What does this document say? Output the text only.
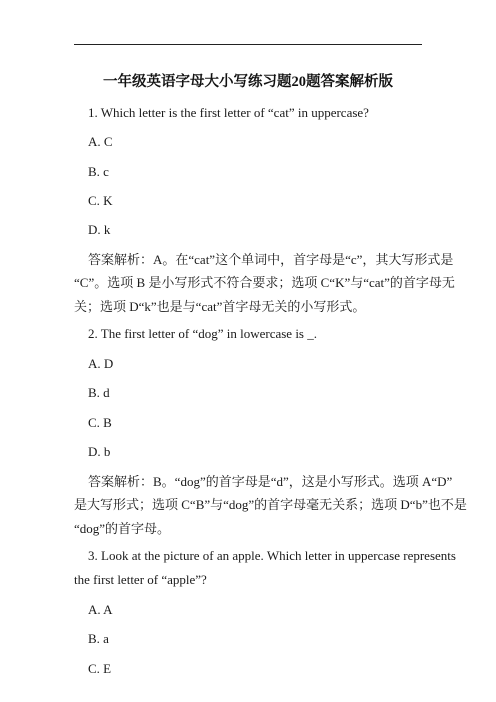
一年级英语字母大小写练习题20题答案解析版
1. Which letter is the first letter of “cat” in uppercase?
A. C
B. c
C. K
D. k
答案解析：A。在“cat”这个单词中，首字母是“c”，其大写形式是
“C”。选项 B 是小写形式不符合要求；选项 C“K”与“cat”的首字母无
关；选项 D“k”也是与“cat”首字母无关的小写形式。
2. The first letter of “dog” in lowercase is _.
A. D
B. d
C. B
D. b
答案解析：B。“dog”的首字母是“d”，这是小写形式。选项 A“D”
是大写形式；选项 C“B”与“dog”的首字母毫无关系；选项 D“b”也不是
“dog”的首字母。
3. Look at the picture of an apple. Which letter in uppercase represents
the first letter of “apple”?
A. A
B. a
C. E
